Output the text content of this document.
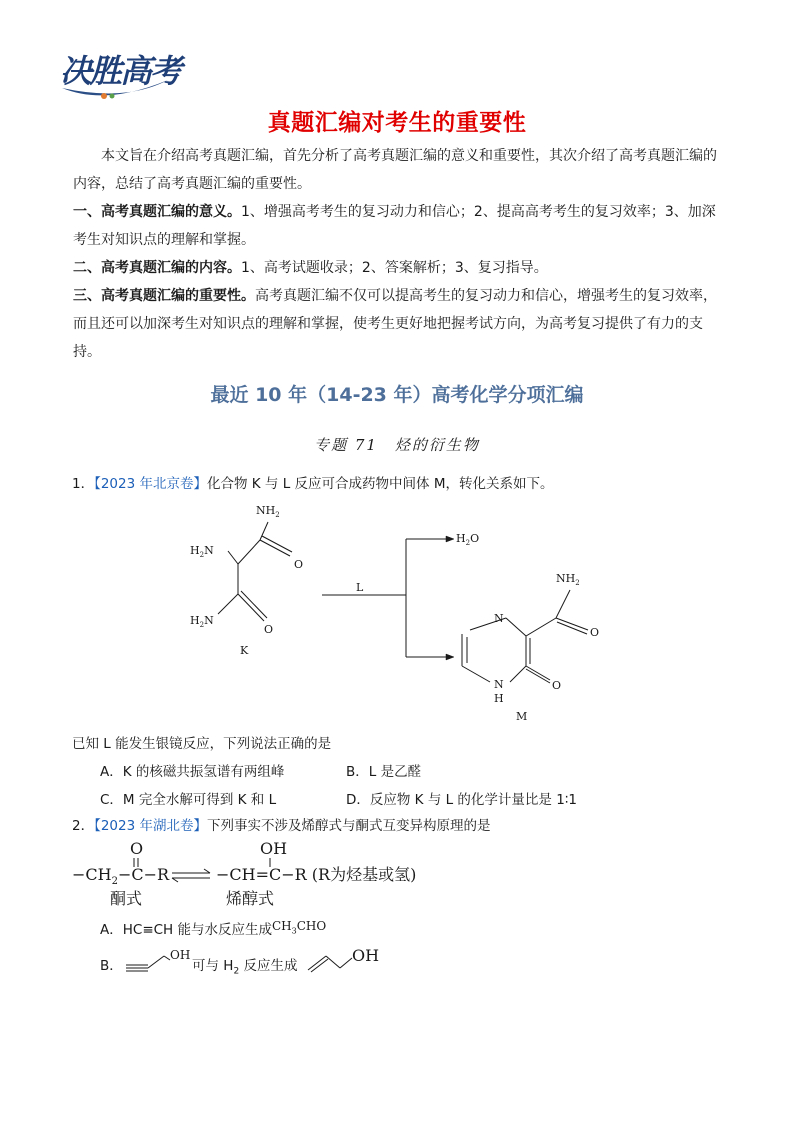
决胜高考
真题汇编对考生的重要性
本文旨在介绍高考真题汇编，首先分析了高考真题汇编的意义和重要性，其次介绍了高考真题汇编的内容，总结了高考真题汇编的重要性。
一、高考真题汇编的意义。1、增强高考考生的复习动力和信心；2、提高高考考生的复习效率；3、加深考生对知识点的理解和掌握。
二、高考真题汇编的内容。1、高考试题收录；2、答案解析；3、复习指导。
三、高考真题汇编的重要性。高考真题汇编不仅可以提高考生的复习动力和信心，增强考生的复习效率，而且还可以加深考生对知识点的理解和掌握，使考生更好地把握考试方向，为高考复习提供了有力的支持。
最近 10 年（14-23 年）高考化学分项汇编
专题 71　烃的衍生物
1．【2023 年北京卷】化合物 K 与 L 反应可合成药物中间体 M，转化关系如下。
$NH_2$
$H_2N$
O
$H_2N$
O
K
L
$H_2O$
$NH_2$
O
N
N
H
O
M
已知 L 能发生银镜反应，下列说法正确的是
A．K 的核磁共振氢谱有两组峰	B．L 是乙醛
C．M 完全水解可得到 K 和 L	D．反应物 K 与 L 的化学计量比是 1∶1
2．【2023 年湖北卷】下列事实不涉及烯醇式与酮式互变异构原理的是
$-CH_2-C-R$
O
−CH=C−R (R为烃基或氢)
OH
酮式	烯醇式
A．HC≡CH 能与水反应生成$CH_3CHO$
B．
OH
可与 $H_2$ 反应生成
OH
